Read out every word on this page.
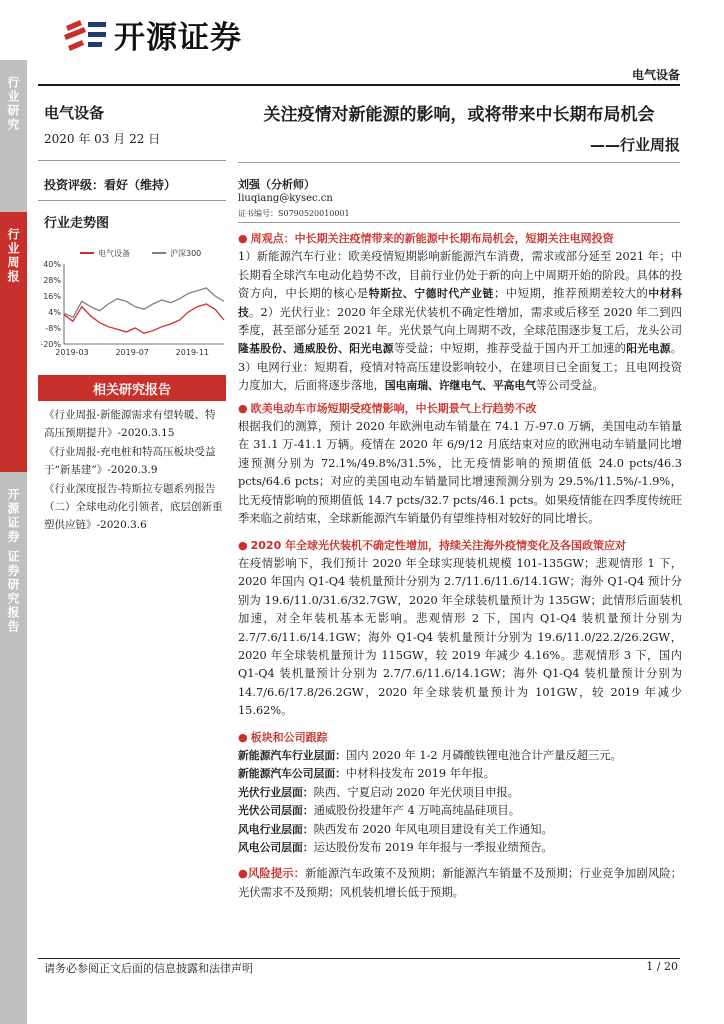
行业研究
行业周报
开源证券 证券研究报告
开源证券
电气设备
电气设备
2020 年 03 月 22 日
投资评级：看好（维持）
行业走势图
电气设备	沪深300
40%
28%
16%
4%
-8%
-20%
2019-03	2019-07	2019-11
相关研究报告
《行业周报-新能源需求有望转暖、特高压预期提升》-2020.3.15
《行业周报-充电桩和特高压板块受益于“新基建”》-2020.3.9
《行业深度报告-特斯拉专题系列报告（二）全球电动化引领者，底层创新重塑供应链》-2020.3.6
关注疫情对新能源的影响，或将带来中长期布局机会
——行业周报
刘强（分析师）
liuqiang@kysec.cn
证书编号：S0790520010001

● 周观点：中长期关注疫情带来的新能源中长期布局机会，短期关注电网投资

1）新能源汽车行业：欧美疫情短期影响新能源汽车消费，需求或部分延至 2021 年；中长期看全球汽车电动化趋势不改，目前行业仍处于新的向上中周期开始的阶段。具体的投资方向，中长期的核心是特斯拉、宁德时代产业链；中短期，推荐预期差较大的中材科技。2）光伏行业：2020 年全球光伏装机不确定性增加，需求或后移至 2020 年二到四季度，甚至部分延至 2021 年。光伏景气向上周期不改，全球范围逐步复工后，龙头公司隆基股份、通威股份、阳光电源等受益；中短期，推荐受益于国内开工加速的阳光电源。3）电网行业：短期看，疫情对特高压建设影响较小，在建项目已全面复工；且电网投资力度加大，后面将逐步落地，国电南瑞、许继电气、平高电气等公司受益。

● 欧美电动车市场短期受疫情影响，中长期景气上行趋势不改

根据我们的测算，预计 2020 年欧洲电动车销量在 74.1 万-97.0 万辆，美国电动车销量在 31.1 万-41.1 万辆。疫情在 2020 年 6/9/12 月底结束对应的欧洲电动车销量同比增速预测分别为 72.1%/49.8%/31.5%，比无疫情影响的预期值低 24.0 pcts/46.3 pcts/64.6 pcts；对应的美国电动车销量同比增速预测分别为 29.5%/11.5%/-1.9%，比无疫情影响的预期值低 14.7 pcts/32.7 pcts/46.1 pcts。如果疫情能在四季度传统旺季来临之前结束，全球新能源汽车销量仍有望维持相对较好的同比增长。

● 2020 年全球光伏装机不确定性增加，持续关注海外疫情变化及各国政策应对

在疫情影响下，我们预计 2020 年全球实现装机规模 101-135GW；悲观情形 1 下，2020 年国内 Q1-Q4 装机量预计分别为 2.7/11.6/11.6/14.1GW；海外 Q1-Q4 预计分别为 19.6/11.0/31.6/32.7GW，2020 年全球装机量预计为 135GW；此情形后面装机加速，对全年装机基本无影响。悲观情形 2 下，国内 Q1-Q4 装机量预计分别为 2.7/7.6/11.6/14.1GW；海外 Q1-Q4 装机量预计分别为 19.6/11.0/22.2/26.2GW，2020 年全球装机量预计为 115GW，较 2019 年减少 4.16%。悲观情形 3 下，国内 Q1-Q4 装机量预计分别为 2.7/7.6/11.6/14.1GW；海外 Q1-Q4 装机量预计分别为 14.7/6.6/17.8/26.2GW，2020 年全球装机量预计为 101GW，较 2019 年减少 15.62%。

● 板块和公司跟踪

新能源汽车行业层面：国内 2020 年 1-2 月磷酸铁锂电池合计产量反超三元。

新能源汽车公司层面：中材科技发布 2019 年年报。

光伏行业层面：陕西、宁夏启动 2020 年光伏项目申报。

光伏公司层面：通威股份投建年产 4 万吨高纯晶硅项目。

风电行业层面：陕西发布 2020 年风电项目建设有关工作通知。

风电公司层面：运达股份发布 2019 年年报与一季报业绩预告。

●风险提示：新能源汽车政策不及预期；新能源汽车销量不及预期；行业竞争加剧风险；光伏需求不及预期；风机装机增长低于预期。

请务必参阅正文后面的信息披露和法律声明	1 / 20
